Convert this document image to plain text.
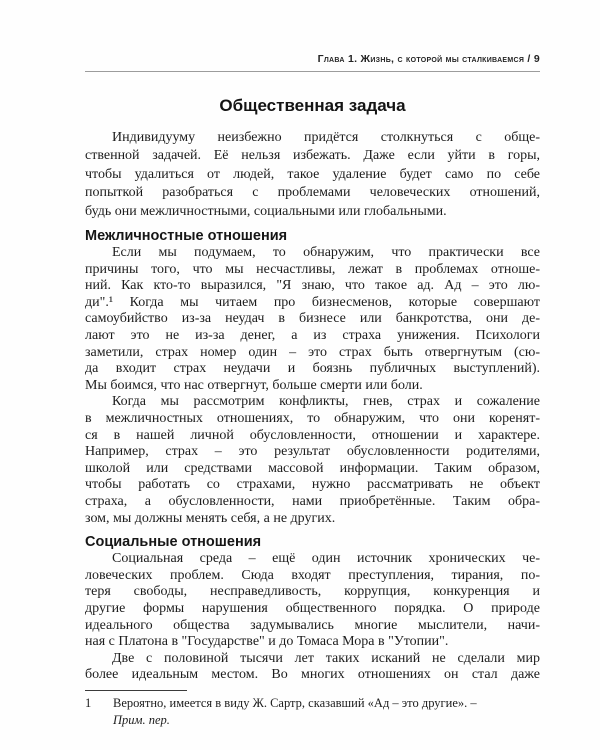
Глава 1. Жизнь, с которой мы сталкиваемся / 9
Общественная задача
Индивидууму неизбежно придётся столкнуться с обще-
ственной задачей. Её нельзя избежать. Даже если уйти в горы,
чтобы удалиться от людей, такое удаление будет само по себе
попыткой разобраться с проблемами человеческих отношений,
будь они межличностными, социальными или глобальными.
Межличностные отношения
Если мы подумаем, то обнаружим, что практически все
причины того, что мы несчастливы, лежат в проблемах отноше-
ний. Как кто-то выразился, "Я знаю, что такое ад. Ад – это лю-
ди".¹ Когда мы читаем про бизнесменов, которые совершают
самоубийство из-за неудач в бизнесе или банкротства, они де-
лают это не из-за денег, а из страха унижения. Психологи
заметили, страх номер один – это страх быть отвергнутым (сю-
да входит страх неудачи и боязнь публичных выступлений).
Мы боимся, что нас отвергнут, больше смерти или боли.
Когда мы рассмотрим конфликты, гнев, страх и сожаление
в межличностных отношениях, то обнаружим, что они коренят-
ся в нашей личной обусловленности, отношении и характере.
Например, страх – это результат обусловленности родителями,
школой или средствами массовой информации. Таким образом,
чтобы работать со страхами, нужно рассматривать не объект
страха, а обусловленности, нами приобретённые. Таким обра-
зом, мы должны менять себя, а не других.
Социальные отношения
Социальная среда – ещё один источник хронических че-
ловеческих проблем. Сюда входят преступления, тирания, по-
теря свободы, несправедливость, коррупция, конкуренция и
другие формы нарушения общественного порядка. О природе
идеального общества задумывались многие мыслители, начи-
ная с Платона в "Государстве" и до Томаса Мора в "Утопии".
Две с половиной тысячи лет таких исканий не сделали мир
более идеальным местом. Во многих отношениях он стал даже
1	Вероятно, имеется в виду Ж. Сартр, сказавший «Ад – это другие». –
Прим. пер.
